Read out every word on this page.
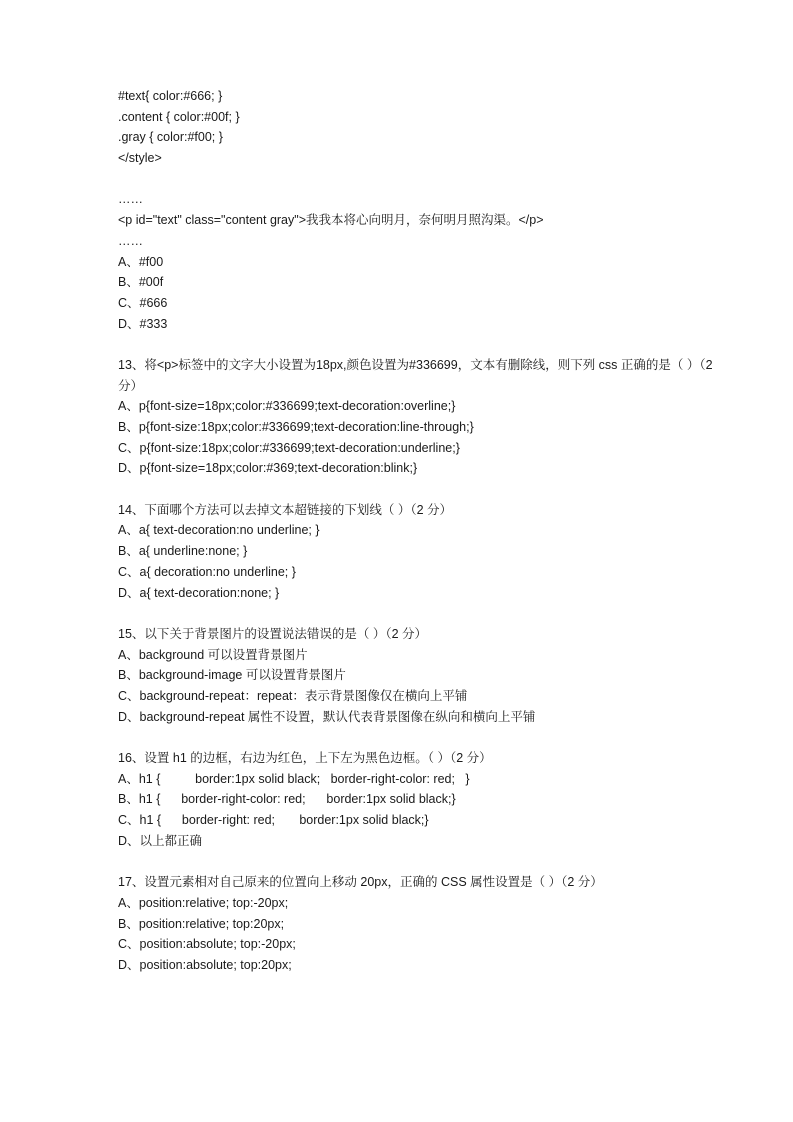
#text{ color:#666; }
.content { color:#00f; }
.gray { color:#f00; }
</style>
……
<p id="text" class="content gray">我我本将心向明月，奈何明月照沟渠。</p>
……
A、#f00
B、#00f
C、#666
D、#333
13、将<p>标签中的文字大小设置为18px,颜色设置为#336699，文本有删除线，则下列 css 正确的是（ ）（2 分）
A、p{font-size=18px;color:#336699;text-decoration:overline;}
B、p{font-size:18px;color:#336699;text-decoration:line-through;}
C、p{font-size:18px;color:#336699;text-decoration:underline;}
D、p{font-size=18px;color:#369;text-decoration:blink;}
14、下面哪个方法可以去掉文本超链接的下划线（ ）（2 分）
A、a{ text-decoration:no underline; }
B、a{ underline:none; }
C、a{ decoration:no underline; }
D、a{ text-decoration:none; }
15、以下关于背景图片的设置说法错误的是（ ）（2 分）
A、background 可以设置背景图片
B、background-image 可以设置背景图片
C、background-repeat：repeat：表示背景图像仅在横向上平铺
D、background-repeat 属性不设置，默认代表背景图像在纵向和横向上平铺
16、设置 h1 的边框，右边为红色，上下左为黑色边框。（ ）（2 分）
A、h1 {          border:1px solid black;   border-right-color: red;   }
B、h1 {      border-right-color: red;      border:1px solid black;}
C、h1 {      border-right: red;       border:1px solid black;}
D、以上都正确
17、设置元素相对自己原来的位置向上移动 20px，正确的 CSS 属性设置是（ ）（2 分）
A、position:relative; top:-20px;
B、position:relative; top:20px;
C、position:absolute; top:-20px;
D、position:absolute; top:20px;
